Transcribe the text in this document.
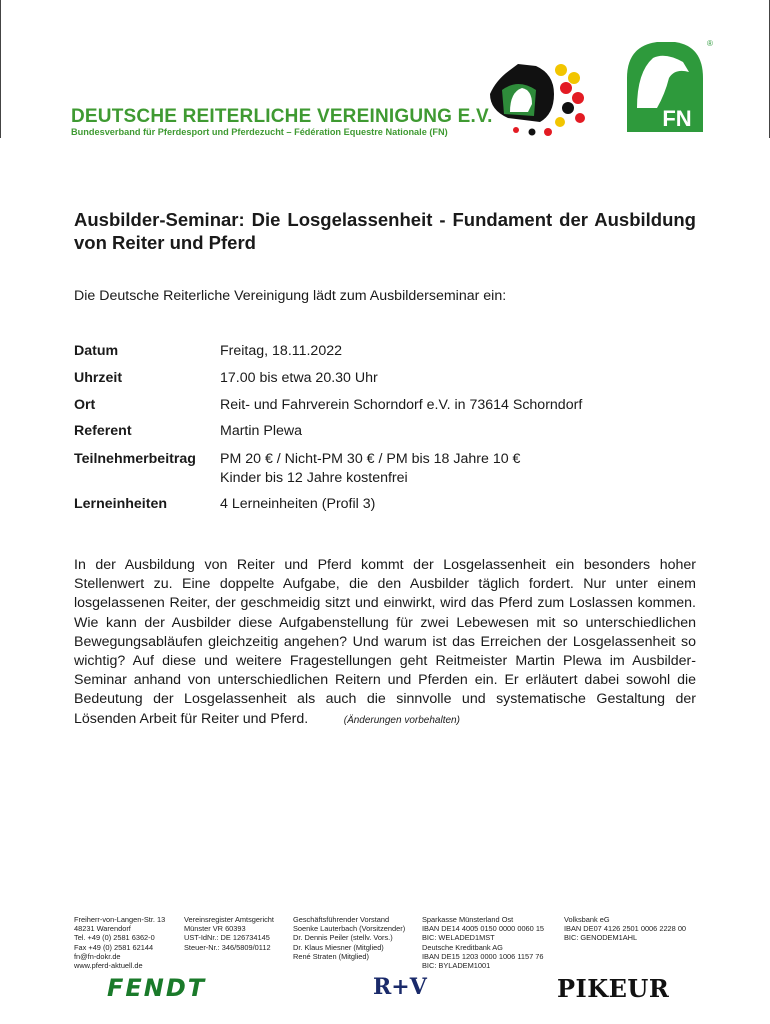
DEUTSCHE REITERLICHE VEREINIGUNG E.V.
Bundesverband für Pferdesport und Pferdezucht – Fédération Equestre Nationale (FN)
FN
®
Ausbilder-Seminar: Die Losgelassenheit - Fundament der Ausbildung von Reiter und Pferd
Die Deutsche Reiterliche Vereinigung lädt zum Ausbilderseminar ein:
Datum	Freitag, 18.11.2022
Uhrzeit	17.00 bis etwa 20.30 Uhr
Ort	Reit- und Fahrverein Schorndorf e.V. in 73614 Schorndorf
Referent	Martin Plewa
Teilnehmerbeitrag PM 20 € / Nicht-PM 30 € / PM bis 18 Jahre 10 €
Kinder bis 12 Jahre kostenfrei
Lerneinheiten	4 Lerneinheiten (Profil 3)
In der Ausbildung von Reiter und Pferd kommt der Losgelassenheit ein besonders hoher Stellenwert zu. Eine doppelte Aufgabe, die den Ausbilder täglich fordert. Nur unter einem losgelassenen Reiter, der geschmeidig sitzt und einwirkt, wird das Pferd zum Loslassen kommen. Wie kann der Ausbilder diese Aufgabenstellung für zwei Lebewesen mit so unterschiedlichen Bewegungsabläufen gleichzeitig angehen? Und warum ist das Erreichen der Losgelassenheit so wichtig? Auf diese und weitere Fragestellungen geht Reitmeister Martin Plewa im Ausbilder-Seminar anhand von unterschiedlichen Reitern und Pferden ein. Er erläutert dabei sowohl die Bedeutung der Losgelassenheit als auch die sinnvolle und systematische Gestaltung der Lösenden Arbeit für Reiter und Pferd.	(Änderungen vorbehalten)
Freiherr-von-Langen-Str. 13
48231 Warendorf
Tel. +49 (0) 2581 6362-0
Fax +49 (0) 2581 62144
fn@fn-dokr.de
www.pferd-aktuell.de
Vereinsregister Amtsgericht
Münster VR 60393
UST-IdNr.: DE 126734145
Steuer-Nr.: 346/5809/0112
Geschäftsführender Vorstand
Soenke Lauterbach (Vorsitzender)
Dr. Dennis Peiler (stellv. Vors.)
Dr. Klaus Miesner (Mitglied)
René Straten (Mitglied)
Sparkasse Münsterland Ost
IBAN DE14 4005 0150 0000 0060 15
BIC: WELADED1MST
Deutsche Kreditbank AG
IBAN DE15 1203 0000 1006 1157 76
BIC: BYLADEM1001
Volksbank eG
IBAN DE07 4126 2501 0006 2228 00
BIC: GENODEM1AHL
FENDT	R+V	PIKEUR
